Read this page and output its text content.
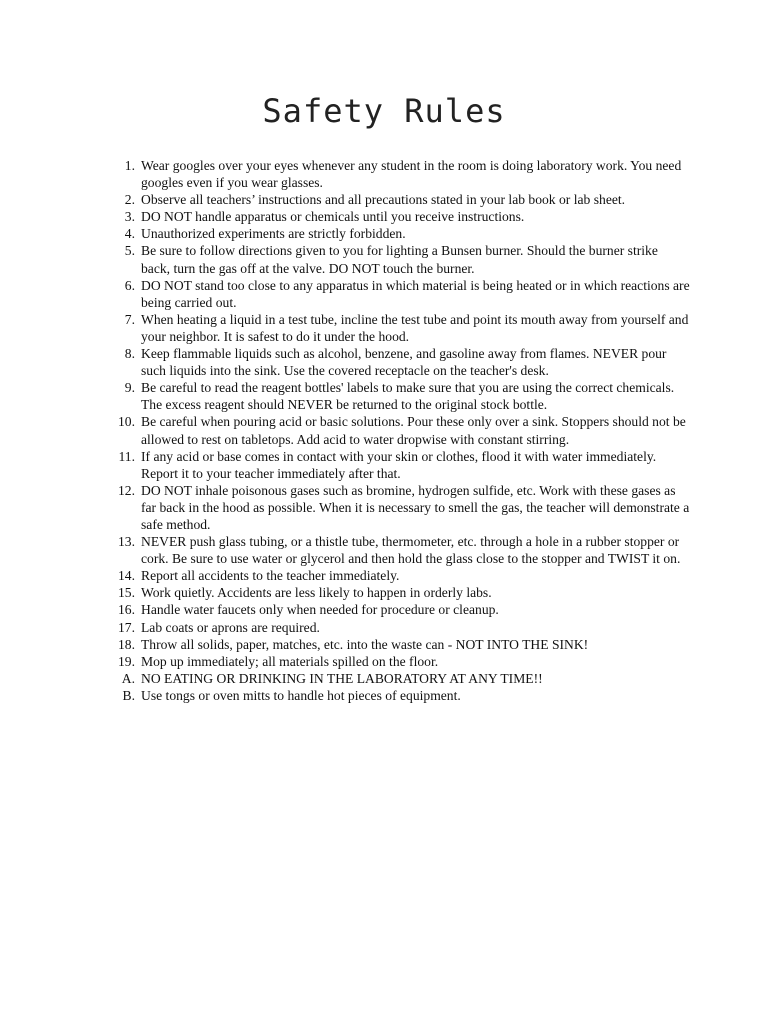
Safety Rules
1. Wear googles over your eyes whenever any student in the room is doing laboratory work. You need googles even if you wear glasses.
2. Observe all teachers’ instructions and all precautions stated in your lab book or lab sheet.
3. DO NOT handle apparatus or chemicals until you receive instructions.
4. Unauthorized experiments are strictly forbidden.
5. Be sure to follow directions given to you for lighting a Bunsen burner. Should the burner strike back, turn the gas off at the valve. DO NOT touch the burner.
6. DO NOT stand too close to any apparatus in which material is being heated or in which reactions are being carried out.
7. When heating a liquid in a test tube, incline the test tube and point its mouth away from yourself and your neighbor. It is safest to do it under the hood.
8. Keep flammable liquids such as alcohol, benzene, and gasoline away from flames. NEVER pour such liquids into the sink. Use the covered receptacle on the teacher's desk.
9. Be careful to read the reagent bottles' labels to make sure that you are using the correct chemicals. The excess reagent should NEVER be returned to the original stock bottle.
10. Be careful when pouring acid or basic solutions. Pour these only over a sink. Stoppers should not be allowed to rest on tabletops. Add acid to water dropwise with constant stirring.
11. If any acid or base comes in contact with your skin or clothes, flood it with water immediately. Report it to your teacher immediately after that.
12. DO NOT inhale poisonous gases such as bromine, hydrogen sulfide, etc. Work with these gases as far back in the hood as possible. When it is necessary to smell the gas, the teacher will demonstrate a safe method.
13. NEVER push glass tubing, or a thistle tube, thermometer, etc. through a hole in a rubber stopper or cork. Be sure to use water or glycerol and then hold the glass close to the stopper and TWIST it on.
14. Report all accidents to the teacher immediately.
15. Work quietly. Accidents are less likely to happen in orderly labs.
16. Handle water faucets only when needed for procedure or cleanup.
17. Lab coats or aprons are required.
18. Throw all solids, paper, matches, etc. into the waste can - NOT INTO THE SINK!
19. Mop up immediately; all materials spilled on the floor.
A. NO EATING OR DRINKING IN THE LABORATORY AT ANY TIME!!
B. Use tongs or oven mitts to handle hot pieces of equipment.
